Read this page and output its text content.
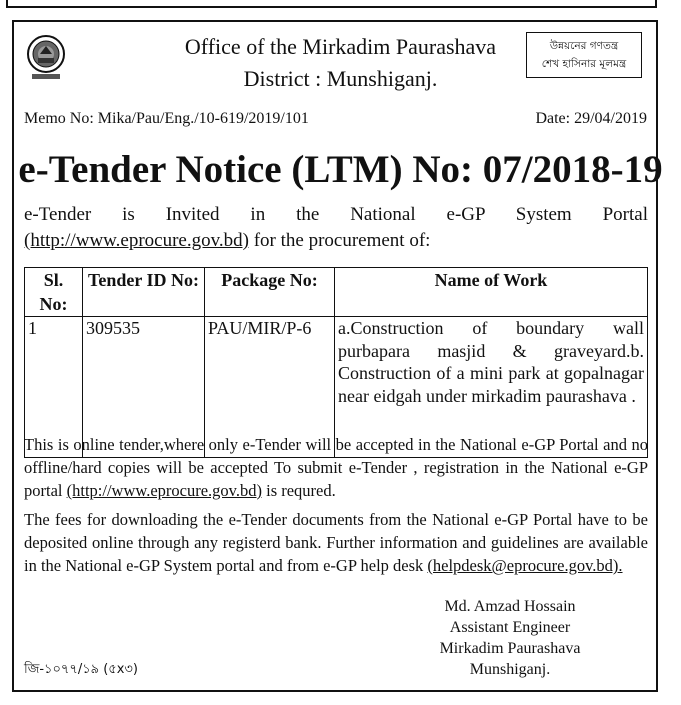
Office of the Mirkadim Paurashava
District : Munshiganj.
উন্নয়নের গণতন্ত্র
শেখ হাসিনার মূলমন্ত্র
Memo No: Mika/Pau/Eng./10-619/2019/101	Date: 29/04/2019
e-Tender Notice (LTM) No: 07/2018-19
e-Tender is Invited in the National e-GP System Portal
(http://www.eprocure.gov.bd) for the procurement of:
Sl. No:	Tender ID No:	Package No:	Name of Work
1	309535	PAU/MIR/P-6	a.Construction of boundary wall purbapara masjid & graveyard.b. Construction of a mini park at gopalnagar near eidgah under mirkadim paurashava .
This is online tender,where only e-Tender will be accepted in the National e-GP Portal and no offline/hard copies will be accepted To submit e-Tender , registration in the National e-GP portal (http://www.eprocure.gov.bd) is requred.
The fees for downloading the e-Tender documents from the National e-GP Portal have to be deposited online through any registerd bank. Further information and guidelines are available in the National e-GP System portal and from e-GP help desk (helpdesk@eprocure.gov.bd).
Md. Amzad Hossain
Assistant Engineer
Mirkadim Paurashava
Munshiganj.
জি-১০৭৭/১৯ (৫x৩)
